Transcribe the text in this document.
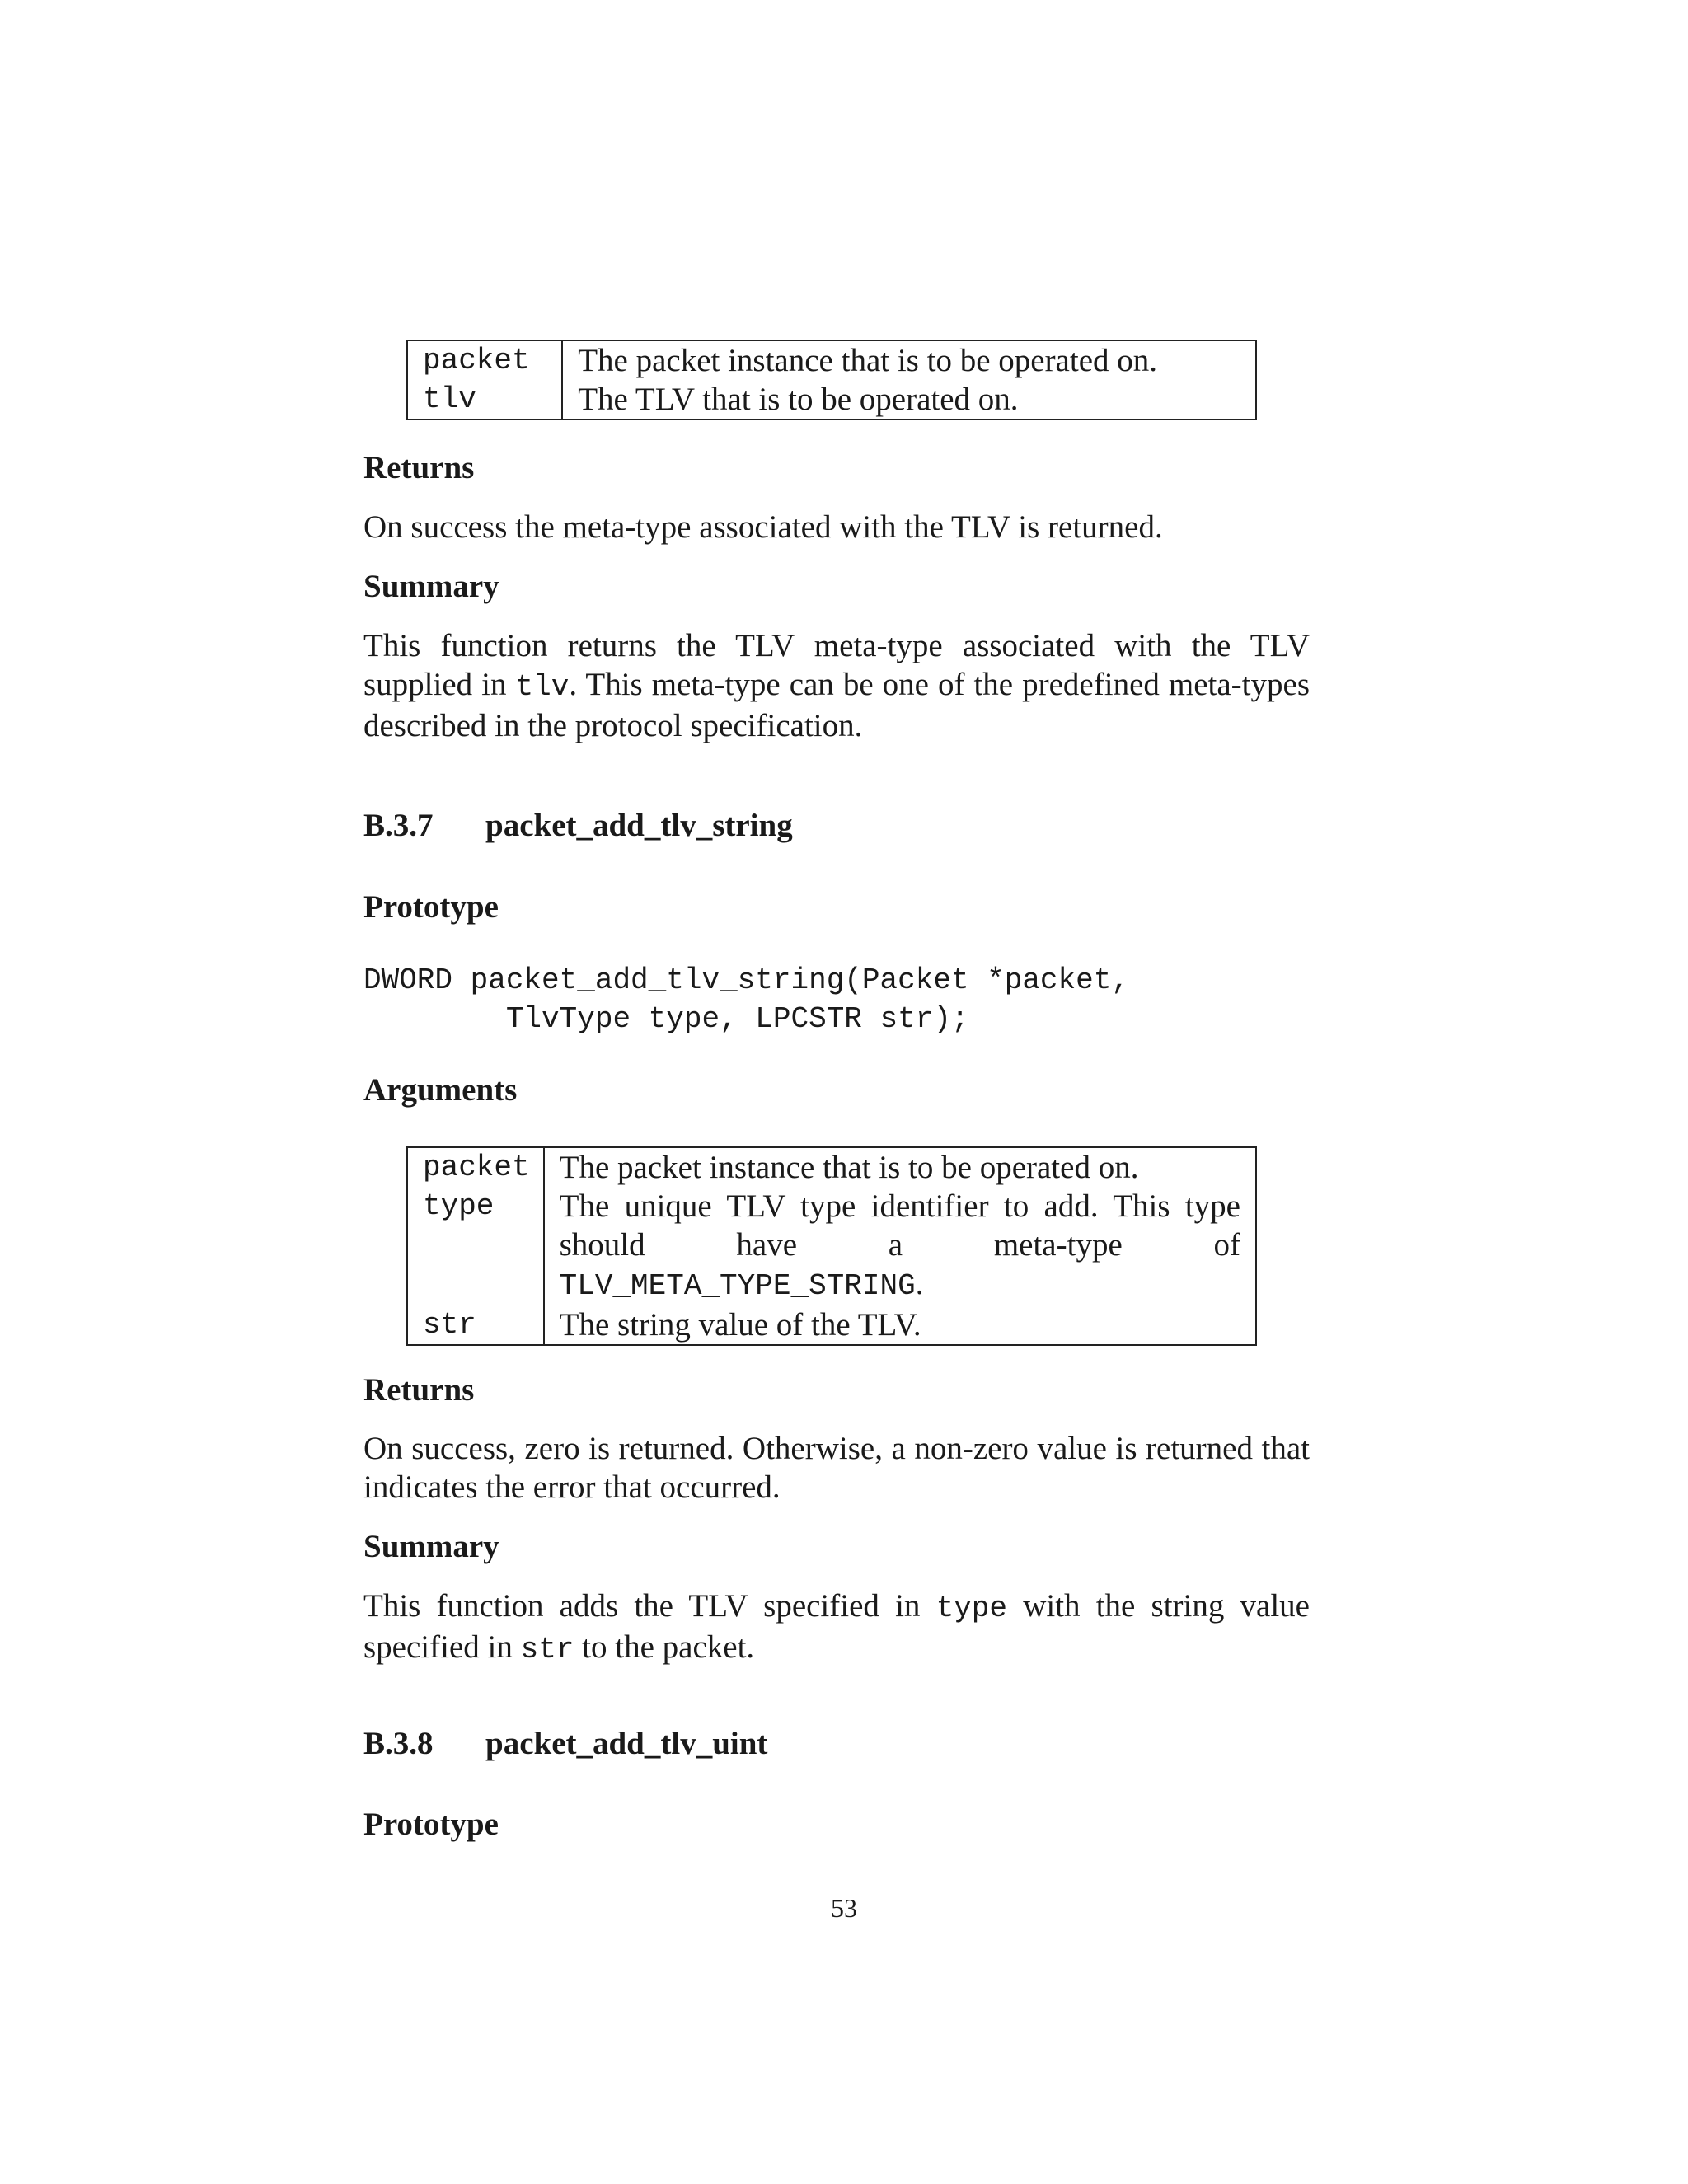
packet	The packet instance that is to be operated on.
tlv	The TLV that is to be operated on.
Returns

On success the meta-type associated with the TLV is returned.

Summary

This function returns the TLV meta-type associated with the TLV supplied in tlv. This meta-type can be one of the predefined meta-types described in the protocol specification.

B.3.7 packet_add_tlv_string
Prototype
DWORD packet_add_tlv_string(Packet *packet,
TlvType type, LPCSTR str);
Arguments
packet	The packet instance that is to be operated on.
type	The unique TLV type identifier to add. This type should have a meta-type of TLV_META_TYPE_STRING.
str	The string value of the TLV.
Returns

On success, zero is returned. Otherwise, a non-zero value is returned that indicates the error that occurred.

Summary

This function adds the TLV specified in type with the string value specified in str to the packet.

B.3.8 packet_add_tlv_uint
Prototype
53
